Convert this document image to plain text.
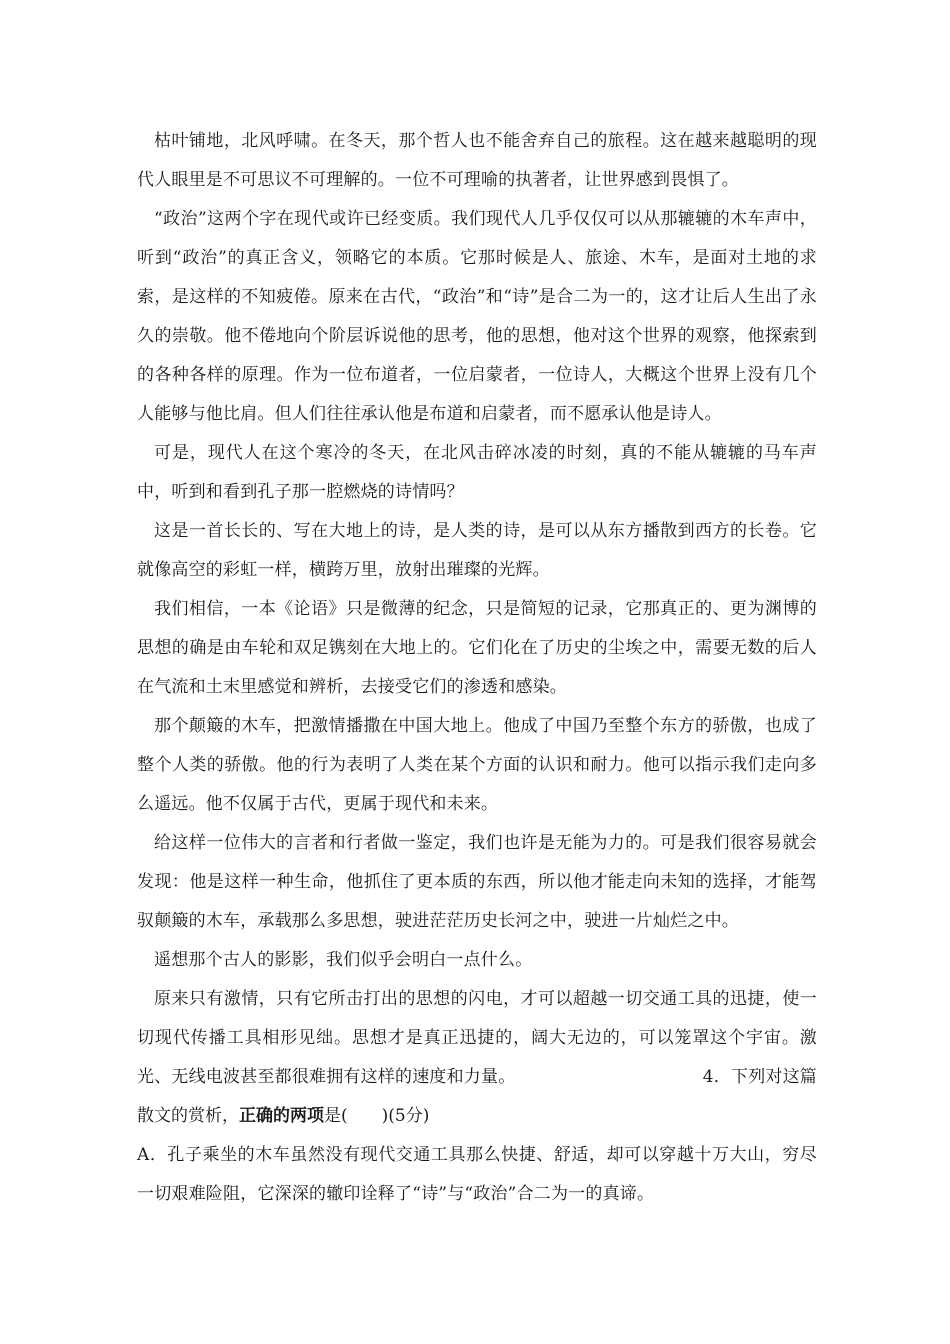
枯叶铺地，北风呼啸。在冬天，那个哲人也不能舍弃自己的旅程。这在越来越聪明的现代人眼里是不可思议不可理解的。一位不可理喻的执著者，让世界感到畏惧了。

“政治”这两个字在现代或许已经变质。我们现代人几乎仅仅可以从那辘辘的木车声中，听到“政治”的真正含义，领略它的本质。它那时候是人、旅途、木车，是面对土地的求索，是这样的不知疲倦。原来在古代，“政治”和“诗”是合二为一的，这才让后人生出了永久的崇敬。他不倦地向个阶层诉说他的思考，他的思想，他对这个世界的观察，他探索到的各种各样的原理。作为一位布道者，一位启蒙者，一位诗人，大概这个世界上没有几个人能够与他比肩。但人们往往承认他是布道和启蒙者，而不愿承认他是诗人。

可是，现代人在这个寒冷的冬天，在北风击碎冰凌的时刻，真的不能从辘辘的马车声中，听到和看到孔子那一腔燃烧的诗情吗？

这是一首长长的、写在大地上的诗，是人类的诗，是可以从东方播散到西方的长卷。它就像高空的彩虹一样，横跨万里，放射出璀璨的光辉。

我们相信，一本《论语》只是微薄的纪念，只是简短的记录，它那真正的、更为渊博的思想的确是由车轮和双足镌刻在大地上的。它们化在了历史的尘埃之中，需要无数的后人在气流和土末里感觉和辨析，去接受它们的渗透和感染。

那个颠簸的木车，把激情播撒在中国大地上。他成了中国乃至整个东方的骄傲，也成了整个人类的骄傲。他的行为表明了人类在某个方面的认识和耐力。他可以指示我们走向多么遥远。他不仅属于古代，更属于现代和未来。

给这样一位伟大的言者和行者做一鉴定，我们也许是无能为力的。可是我们很容易就会发现：他是这样一种生命，他抓住了更本质的东西，所以他才能走向未知的选择，才能驾驭颠簸的木车，承载那么多思想，驶进茫茫历史长河之中，驶进一片灿烂之中。

遥想那个古人的影影，我们似乎会明白一点什么。

原来只有激情，只有它所击打出的思想的闪电，才可以超越一切交通工具的迅捷，使一切现代传播工具相形见绌。思想才是真正迅捷的，阔大无边的，可以笼罩这个宇宙。激光、无线电波甚至都很难拥有这样的速度和力量。	4．下列对这篇

散文的赏析，正确的两项是(　　)(5分)

A．孔子乘坐的木车虽然没有现代交通工具那么快捷、舒适，却可以穿越十万大山，穷尽一切艰难险阻，它深深的辙印诠释了“诗”与“政治”合二为一的真谛。
